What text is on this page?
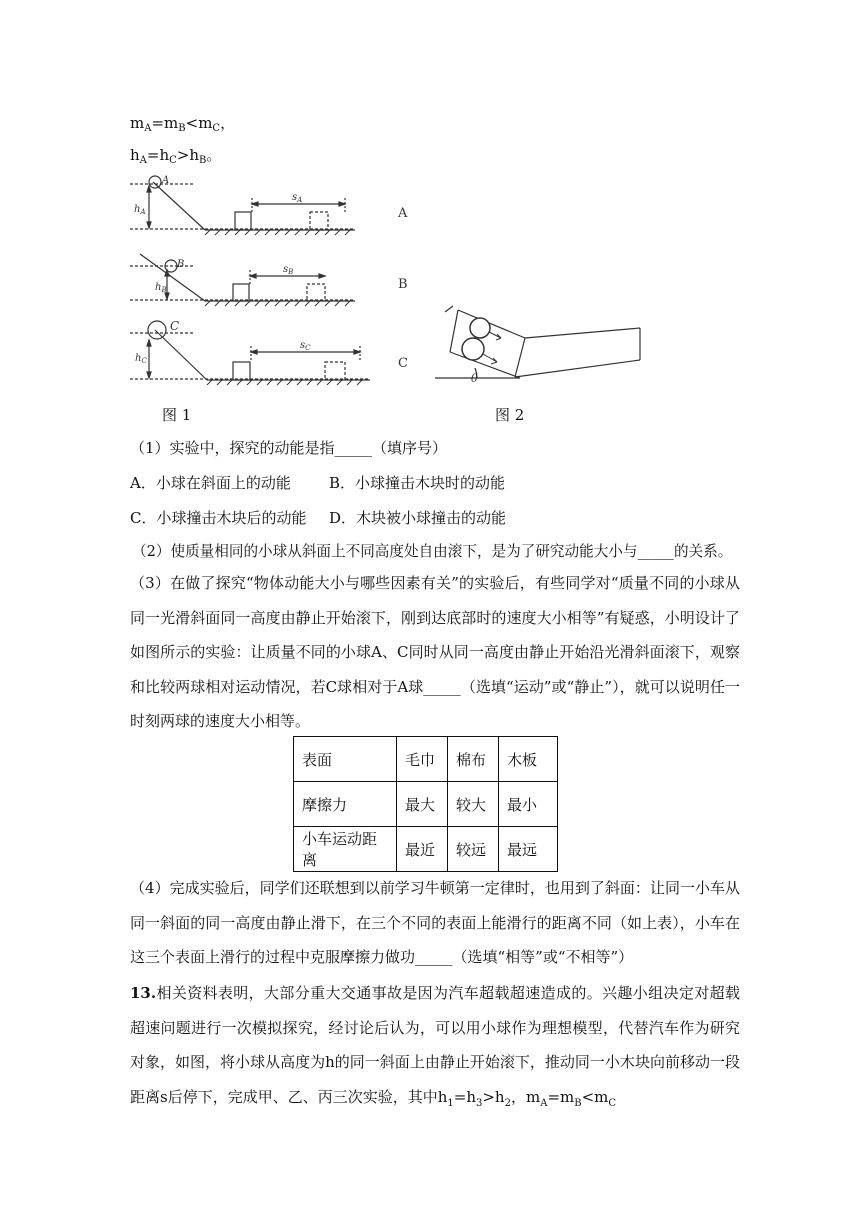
$m_A=m_B<m_C$，
$h_A=h_C>h_B$。
A
B
C
$h_A$
$h_B$
$h_C$
$s_A$
$s_B$
$s_C$
θ
A
B
C
图 1	图 2
（1）实验中，探究的动能是指_____（填序号）
A．小球在斜面上的动能	B．小球撞击木块时的动能
C．小球撞击木块后的动能 D．木块被小球撞击的动能
（2）使质量相同的小球从斜面上不同高度处自由滚下，是为了研究动能大小与_____的关系。
（3）在做了探究“物体动能大小与哪些因素有关”的实验后，有些同学对“质量不同的小球从同一光滑斜面同一高度由静止开始滚下，刚到达底部时的速度大小相等”有疑惑，小明设计了如图所示的实验：让质量不同的小球A、C同时从同一高度由静止开始沿光滑斜面滚下，观察和比较两球相对运动情况，若C球相对于A球_____（选填“运动”或“静止”），就可以说明任一时刻两球的速度大小相等。
表面	毛巾	棉布	木板
摩擦力	最大	较大	最小
小车运动距离	最近	较远	最远
（4）完成实验后，同学们还联想到以前学习牛顿第一定律时，也用到了斜面：让同一小车从同一斜面的同一高度由静止滑下，在三个不同的表面上能滑行的距离不同（如上表），小车在这三个表面上滑行的过程中克服摩擦力做功_____（选填“相等”或“不相等”）
13.相关资料表明，大部分重大交通事故是因为汽车超载超速造成的。兴趣小组决定对超载超速问题进行一次模拟探究，经讨论后认为，可以用小球作为理想模型，代替汽车作为研究对象，如图，将小球从高度为h的同一斜面上由静止开始滚下，推动同一小木块向前移动一段距离s后停下，完成甲、乙、丙三次实验，其中$h_1=h_3>h_2$，$m_A=m_B<m_C$
